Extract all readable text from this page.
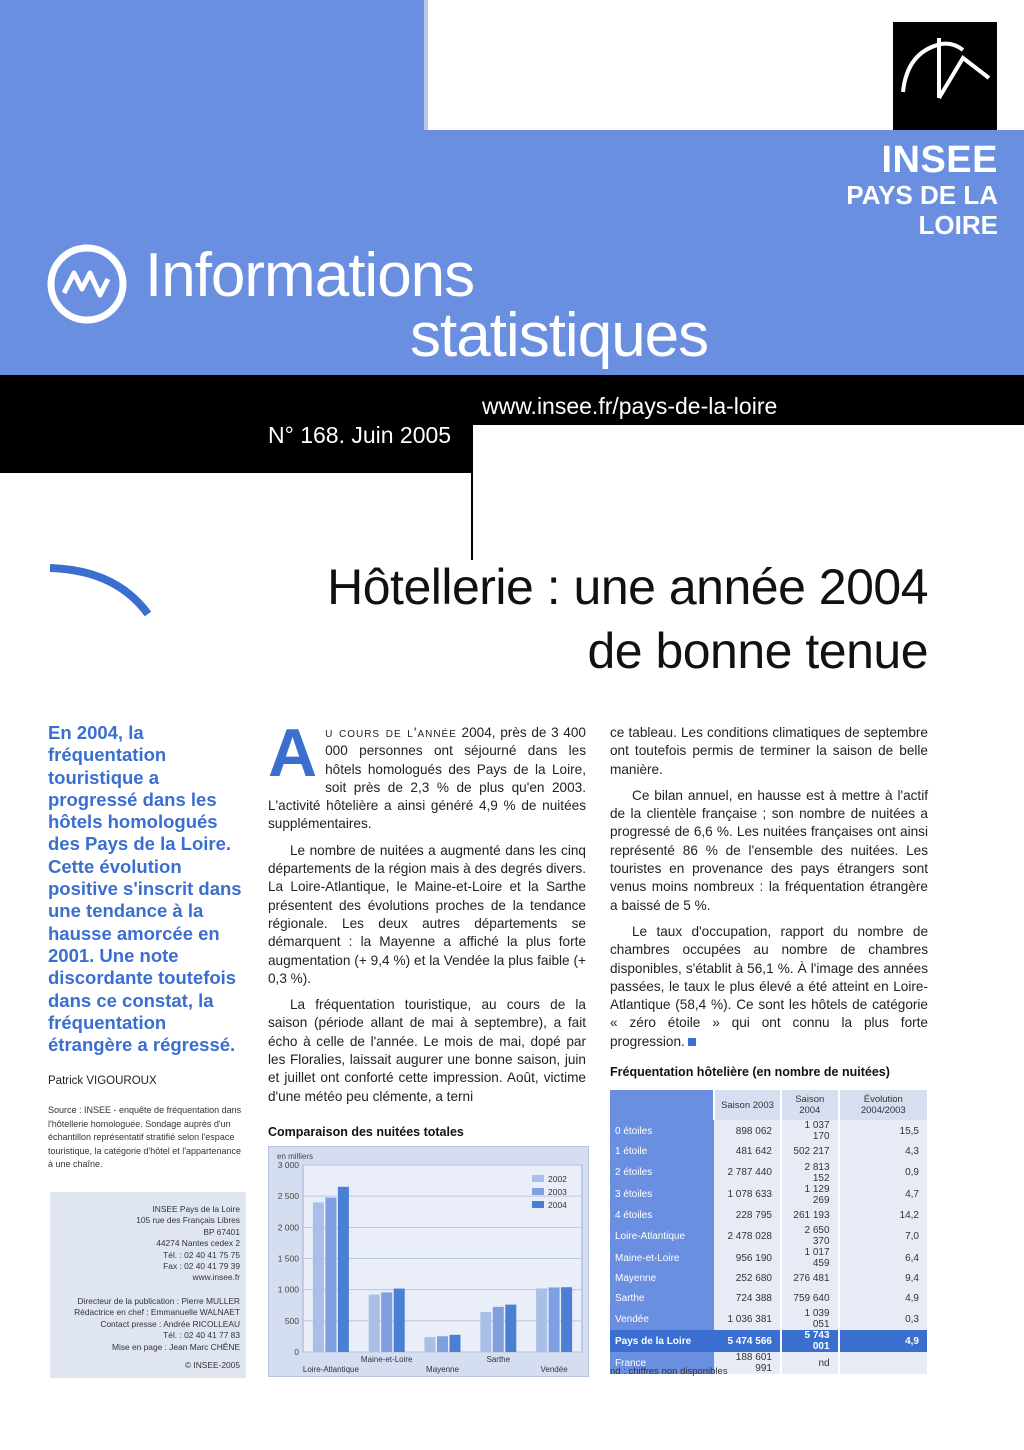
INSEE
PAYS DE LA LOIRE
Informations
statistiques
www.insee.fr/pays-de-la-loire
N° 168. Juin 2005
Hôtellerie : une année 2004
de bonne tenue
En 2004, la fréquentation touristique a progressé dans les hôtels homologués des Pays de la Loire. Cette évolution positive s'inscrit dans une tendance à la hausse amorcée en 2001. Une note discordante toutefois dans ce constat, la fréquentation étrangère a régressé.
Patrick VIGOUROUX
Source : INSEE - enquête de fréquentation dans l'hôtellerie homologuée. Sondage auprès d'un échantillon représentatif stratifié selon l'espace touristique, la catégorie d'hôtel et l'appartenance à une chaîne.
INSEE Pays de la Loire
105 rue des Français Libres
BP 67401
44274 Nantes cedex 2
Tél. : 02 40 41 75 75
Fax : 02 40 41 79 39
www.insee.fr
Directeur de la publication : Pierre MULLER
Rédactrice en chef : Emmanuelle WALNAET
Contact presse : Andrée RICOLLEAU
Tél. : 02 40 41 77 83
Mise en page : Jean Marc CHÊNE
© INSEE-2005

Au cours de l'année 2004, près de 3 400 000 personnes ont séjourné dans les hôtels homologués des Pays de la Loire, soit près de 2,3 % de plus qu'en 2003. L'activité hôtelière a ainsi généré 4,9 % de nuitées supplémentaires.

Le nombre de nuitées a augmenté dans les cinq départements de la région mais à des degrés divers. La Loire-Atlantique, le Maine-et-Loire et la Sarthe présentent des évolutions proches de la tendance régionale. Les deux autres départements se démarquent : la Mayenne a affiché la plus forte augmentation (+ 9,4 %) et la Vendée la plus faible (+ 0,3 %).

La fréquentation touristique, au cours de la saison (période allant de mai à septembre), a fait écho à celle de l'année. Le mois de mai, dopé par les Floralies, laissait augurer une bonne saison, juin et juillet ont conforté cette impression. Août, victime d'une météo peu clémente, a terni

ce tableau. Les conditions climatiques de septembre ont toutefois permis de terminer la saison de belle manière.

Ce bilan annuel, en hausse est à mettre à l'actif de la clientèle française ; son nombre de nuitées a progressé de 6,6 %. Les nuitées françaises ont ainsi représenté 86 % de l'ensemble des nuitées. Les touristes en provenance des pays étrangers sont venus moins nombreux : la fréquentation étrangère a baissé de 5 %.

Le taux d'occupation, rapport du nombre de chambres occupées au nombre de chambres disponibles, s'établit à 56,1 %. À l'image des années passées, le taux le plus élevé a été atteint en Loire-Atlantique (58,4 %). Ce sont les hôtels de catégorie « zéro étoile » qui ont connu la plus forte progression.

Comparaison des nuitées totales
0
500
1 000
1 500
2 000
2 500
3 000
en milliers
Loire-Atlantique
Maine-et-Loire
Mayenne
Sarthe
Vendée
2002
2003
2004
Fréquentation hôtelière (en nombre de nuitées)
	Saison 2003	Saison 2004	Évolution 2004/2003
0 étoiles	898 062	1 037 170	15,5
1 étoile	481 642	502 217	4,3
2 étoiles	2 787 440	2 813 152	0,9
3 étoiles	1 078 633	1 129 269	4,7
4 étoiles	228 795	261 193	14,2
Loire-Atlantique	2 478 028	2 650 370	7,0
Maine-et-Loire	956 190	1 017 459	6,4
Mayenne	252 680	276 481	9,4
Sarthe	724 388	759 640	4,9
Vendée	1 036 381	1 039 051	0,3
Pays de la Loire	5 474 566	5 743 001	4,9
France	188 601 991	nd	
nd : chiffres non disponibles
